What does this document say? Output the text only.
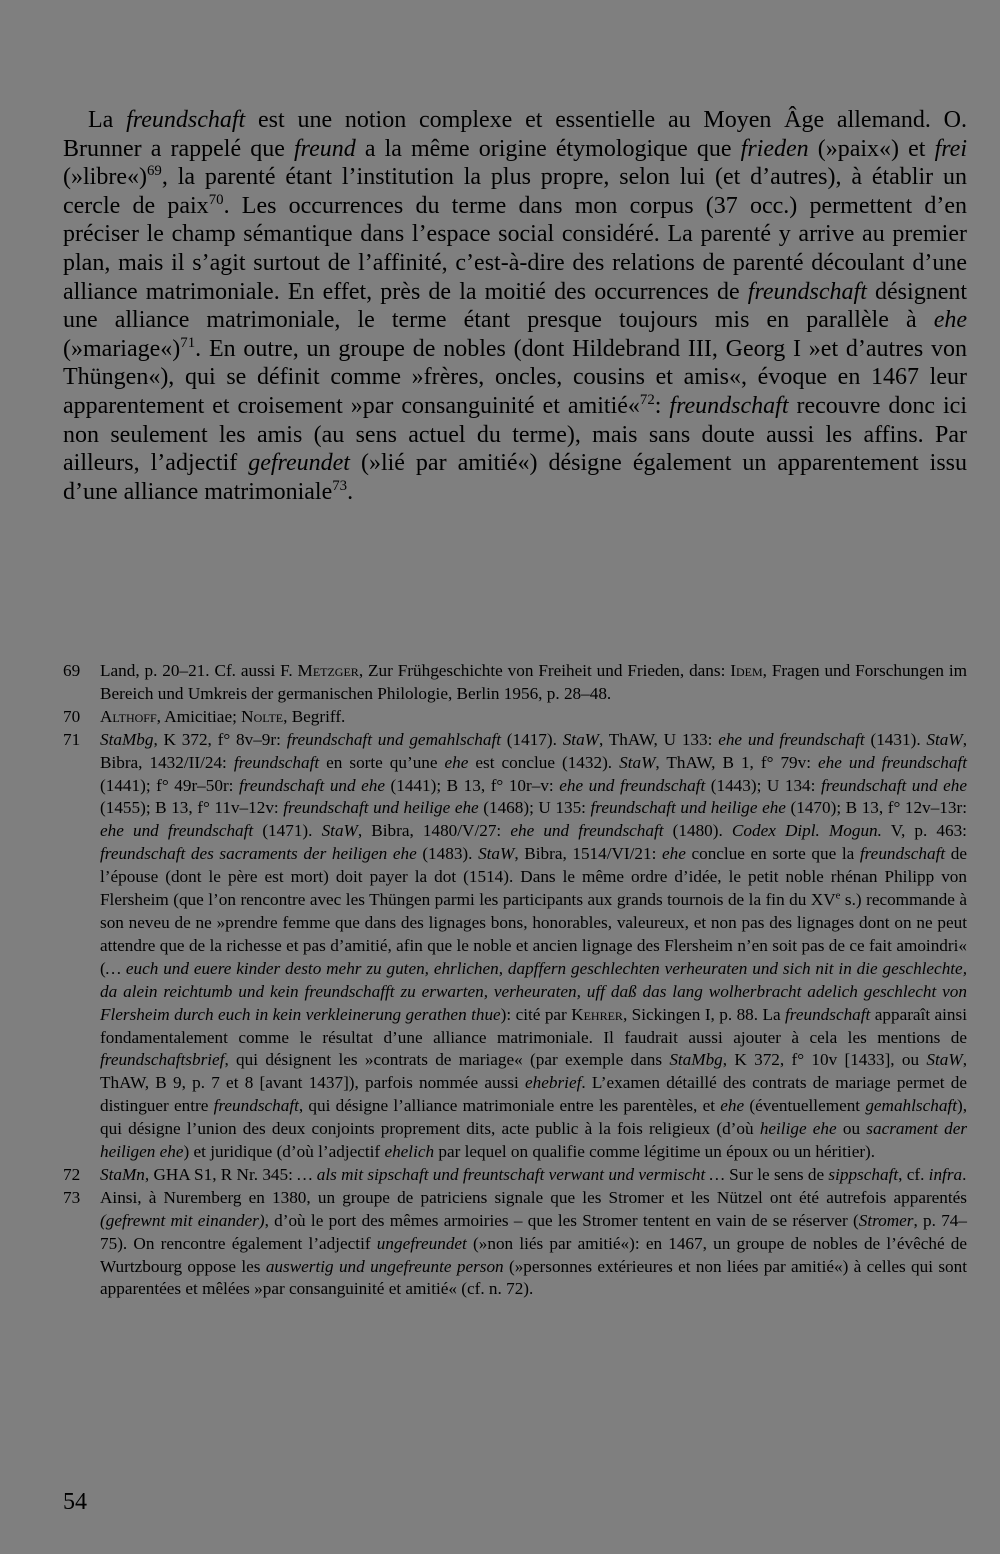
La freundschaft est une notion complexe et essentielle au Moyen Âge allemand. O. Brunner a rappelé que freund a la même origine étymologique que frieden (»paix«) et frei (»libre«)$^{69}$, la parenté étant l’institution la plus propre, selon lui (et d’autres), à établir un cercle de paix$^{70}$. Les occurrences du terme dans mon corpus (37 occ.) permettent d’en préciser le champ sémantique dans l’espace social considéré. La parenté y arrive au premier plan, mais il s’agit surtout de l’affinité, c’est-à-dire des relations de parenté découlant d’une alliance matrimoniale. En effet, près de la moitié des occurrences de freundschaft désignent une alliance matrimoniale, le terme étant presque toujours mis en parallèle à ehe (»mariage«)$^{71}$. En outre, un groupe de nobles (dont Hildebrand III, Georg I »et d’autres von Thüngen«), qui se définit comme »frères, oncles, cousins et amis«, évoque en 1467 leur apparentement et croisement »par consanguinité et amitié«$^{72}$: freundschaft recouvre donc ici non seulement les amis (au sens actuel du terme), mais sans doute aussi les affins. Par ailleurs, l’adjectif gefreundet (»lié par amitié«) désigne également un apparentement issu d’une alliance matrimoniale$^{73}$.

69	Land, p. 20–21. Cf. aussi F. Metzger, Zur Frühgeschichte von Freiheit und Frieden, dans: Idem, Fragen und Forschungen im Bereich und Umkreis der germanischen Philologie, Berlin 1956, p. 28–48.
70	Althoff, Amicitiae; Nolte, Begriff.
71	StaMbg, K 372, f° 8v–9r: freundschaft und gemahlschaft (1417). StaW, ThAW, U 133: ehe und freundschaft (1431). StaW, Bibra, 1432/II/24: freundschaft en sorte qu’une ehe est conclue (1432). StaW, ThAW, B 1, f° 79v: ehe und freundschaft (1441); f° 49r–50r: freundschaft und ehe (1441); B 13, f° 10r–v: ehe und freundschaft (1443); U 134: freundschaft und ehe (1455); B 13, f° 11v–12v: freundschaft und heilige ehe (1468); U 135: freundschaft und heilige ehe (1470); B 13, f° 12v–13r: ehe und freundschaft (1471). StaW, Bibra, 1480/V/27: ehe und freundschaft (1480). Codex Dipl. Mogun. V, p. 463: freundschaft des sacraments der heiligen ehe (1483). StaW, Bibra, 1514/VI/21: ehe conclue en sorte que la freundschaft de l’épouse (dont le père est mort) doit payer la dot (1514). Dans le même ordre d’idée, le petit noble rhénan Philipp von Flersheim (que l’on rencontre avec les Thüngen parmi les participants aux grands tournois de la fin du XVe s.) recommande à son neveu de ne »prendre femme que dans des lignages bons, honorables, valeureux, et non pas des lignages dont on ne peut attendre que de la richesse et pas d’amitié, afin que le noble et ancien lignage des Flersheim n’en soit pas de ce fait amoindri« (… euch und euere kinder desto mehr zu guten, ehrlichen, dapffern geschlechten verheuraten und sich nit in die geschlechte, da alein reichtumb und kein freundschafft zu erwarten, verheuraten, uff daß das lang wolherbracht adelich geschlecht von Flersheim durch euch in kein verkleinerung gerathen thue): cité par Kehrer, Sickingen I, p. 88. La freundschaft apparaît ainsi fondamentalement comme le résultat d’une alliance matrimoniale. Il faudrait aussi ajouter à cela les mentions de freundschaftsbrief, qui désignent les »contrats de mariage« (par exemple dans StaMbg, K 372, f° 10v [1433], ou StaW, ThAW, B 9, p. 7 et 8 [avant 1437]), parfois nommée aussi ehebrief. L’examen détaillé des contrats de mariage permet de distinguer entre freundschaft, qui désigne l’alliance matrimoniale entre les parentèles, et ehe (éventuellement gemahlschaft), qui désigne l’union des deux conjoints proprement dits, acte public à la fois religieux (d’où heilige ehe ou sacrament der heiligen ehe) et juridique (d’où l’adjectif ehelich par lequel on qualifie comme légitime un époux ou un héritier).
72	StaMn, GHA S1, R Nr. 345: … als mit sipschaft und freuntschaft verwant und vermischt … Sur le sens de sippschaft, cf. infra.
73	Ainsi, à Nuremberg en 1380, un groupe de patriciens signale que les Stromer et les Nützel ont été autrefois apparentés (gefrewnt mit einander), d’où le port des mêmes armoiries – que les Stromer tentent en vain de se réserver (Stromer, p. 74–75). On rencontre également l’adjectif ungefreundet (»non liés par amitié«): en 1467, un groupe de nobles de l’évêché de Wurtzbourg oppose les auswertig und ungefreunte person (»personnes extérieures et non liées par amitié«) à celles qui sont apparentées et mêlées »par consanguinité et amitié« (cf. n. 72).
54
